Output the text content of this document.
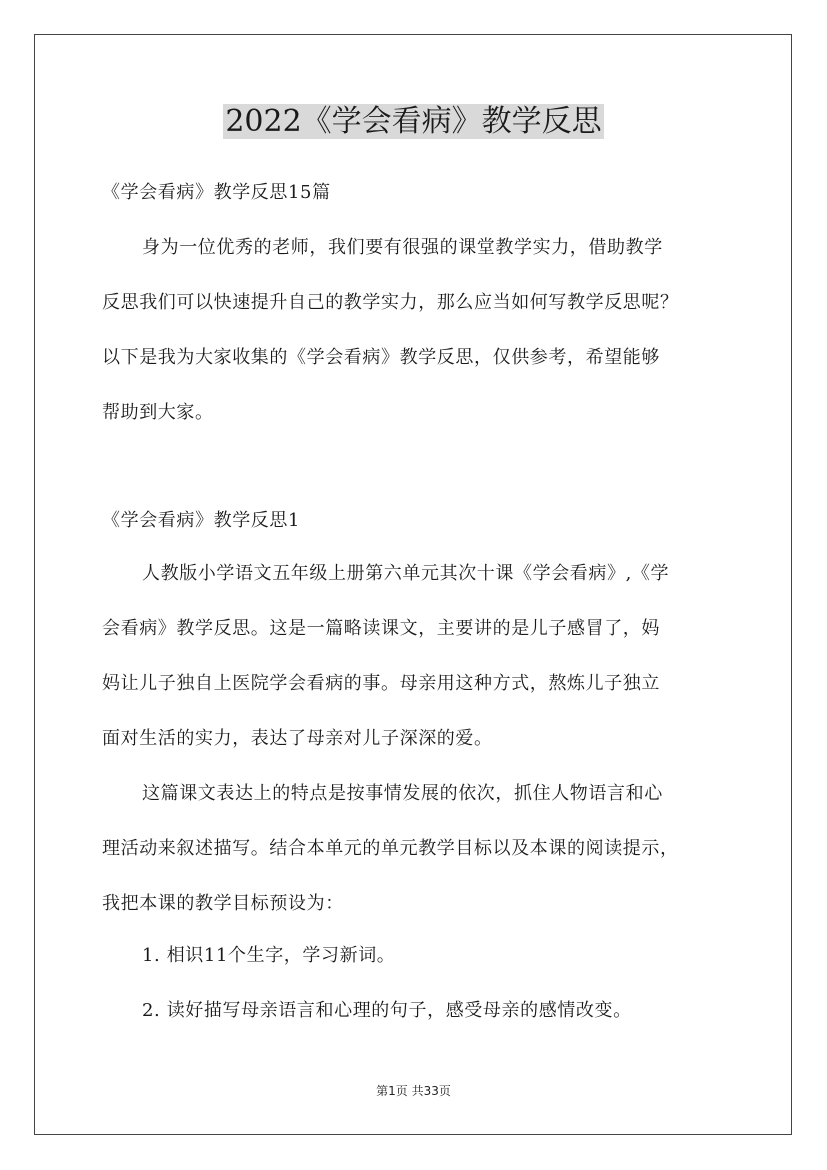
2022《学会看病》教学反思
《学会看病》教学反思15篇
身为一位优秀的老师，我们要有很强的课堂教学实力，借助教学
反思我们可以快速提升自己的教学实力，那么应当如何写教学反思呢？
以下是我为大家收集的《学会看病》教学反思，仅供参考，希望能够
帮助到大家。
《学会看病》教学反思1
人教版小学语文五年级上册第六单元其次十课《学会看病》,《学
会看病》教学反思。这是一篇略读课文，主要讲的是儿子感冒了，妈
妈让儿子独自上医院学会看病的事。母亲用这种方式，熬炼儿子独立
面对生活的实力，表达了母亲对儿子深深的爱。
这篇课文表达上的特点是按事情发展的依次，抓住人物语言和心
理活动来叙述描写。结合本单元的单元教学目标以及本课的阅读提示，
我把本课的教学目标预设为：
1. 相识11个生字，学习新词。
2. 读好描写母亲语言和心理的句子，感受母亲的感情改变。
第1页 共33页
